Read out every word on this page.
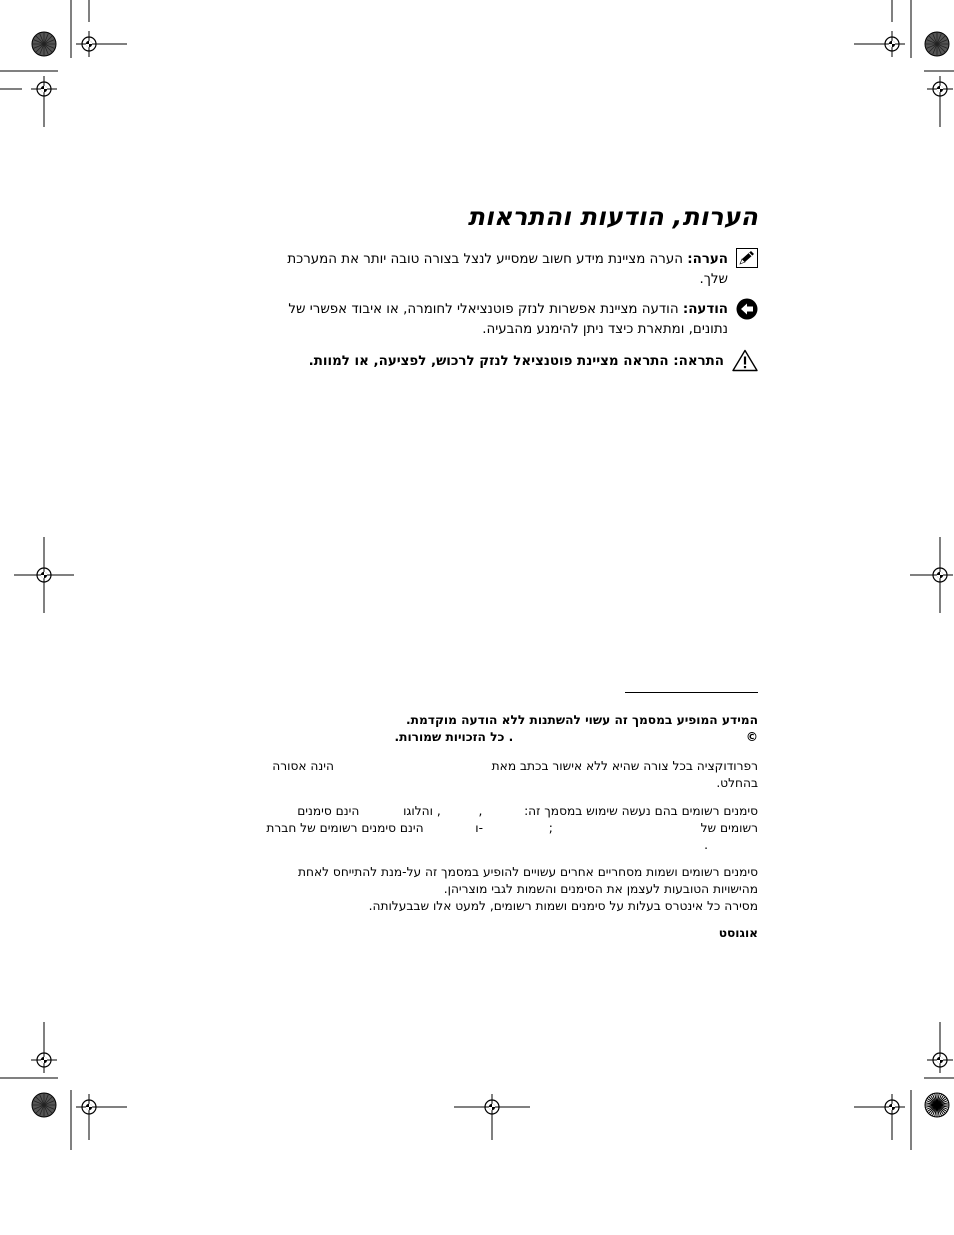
הערות, הודעות והתראות
הערה: הערה מציינת מידע חשוב שמסייע לנצל בצורה טובה יותר את המערכת
שלך.
הודעה: הודעה מציינת אפשרות לנזק פוטנציאלי לחומרה, או איבוד אפשרי של
נתונים, ומתארת כיצד ניתן להימנע מהבעיה.
התראה: התראה מציינת פוטנציאל לנזק לרכוש, לפציעה, או למוות.
המידע המופיע במסמך זה עשוי להשתנות ללא הודעה מוקדמת.
©  . כל הזכויות שמורות.
רפרודוקציה בכל צורה שהיא ללא אישור בכתב מאת  הינה אסורה
בהחלט.
סימנים רשומים בהם נעשה שימוש במסמך זה:  ,  , והלוגו  הינם סימנים
רשומים של  ;  -ו  הינם סימנים רשומים של חברת
.
סימנים רשומים ושמות מסחריים אחרים עשויים להופיע במסמך זה על-מנת להתייחס לאחת
מהישויות הטובעות לעצמן את הסימנים והשמות לגבי מוצריהן.
מסירה כל אינטרס בעלות על סימנים ושמות רשומים, למעט אלו שבבעלותה.
אוגוסט
